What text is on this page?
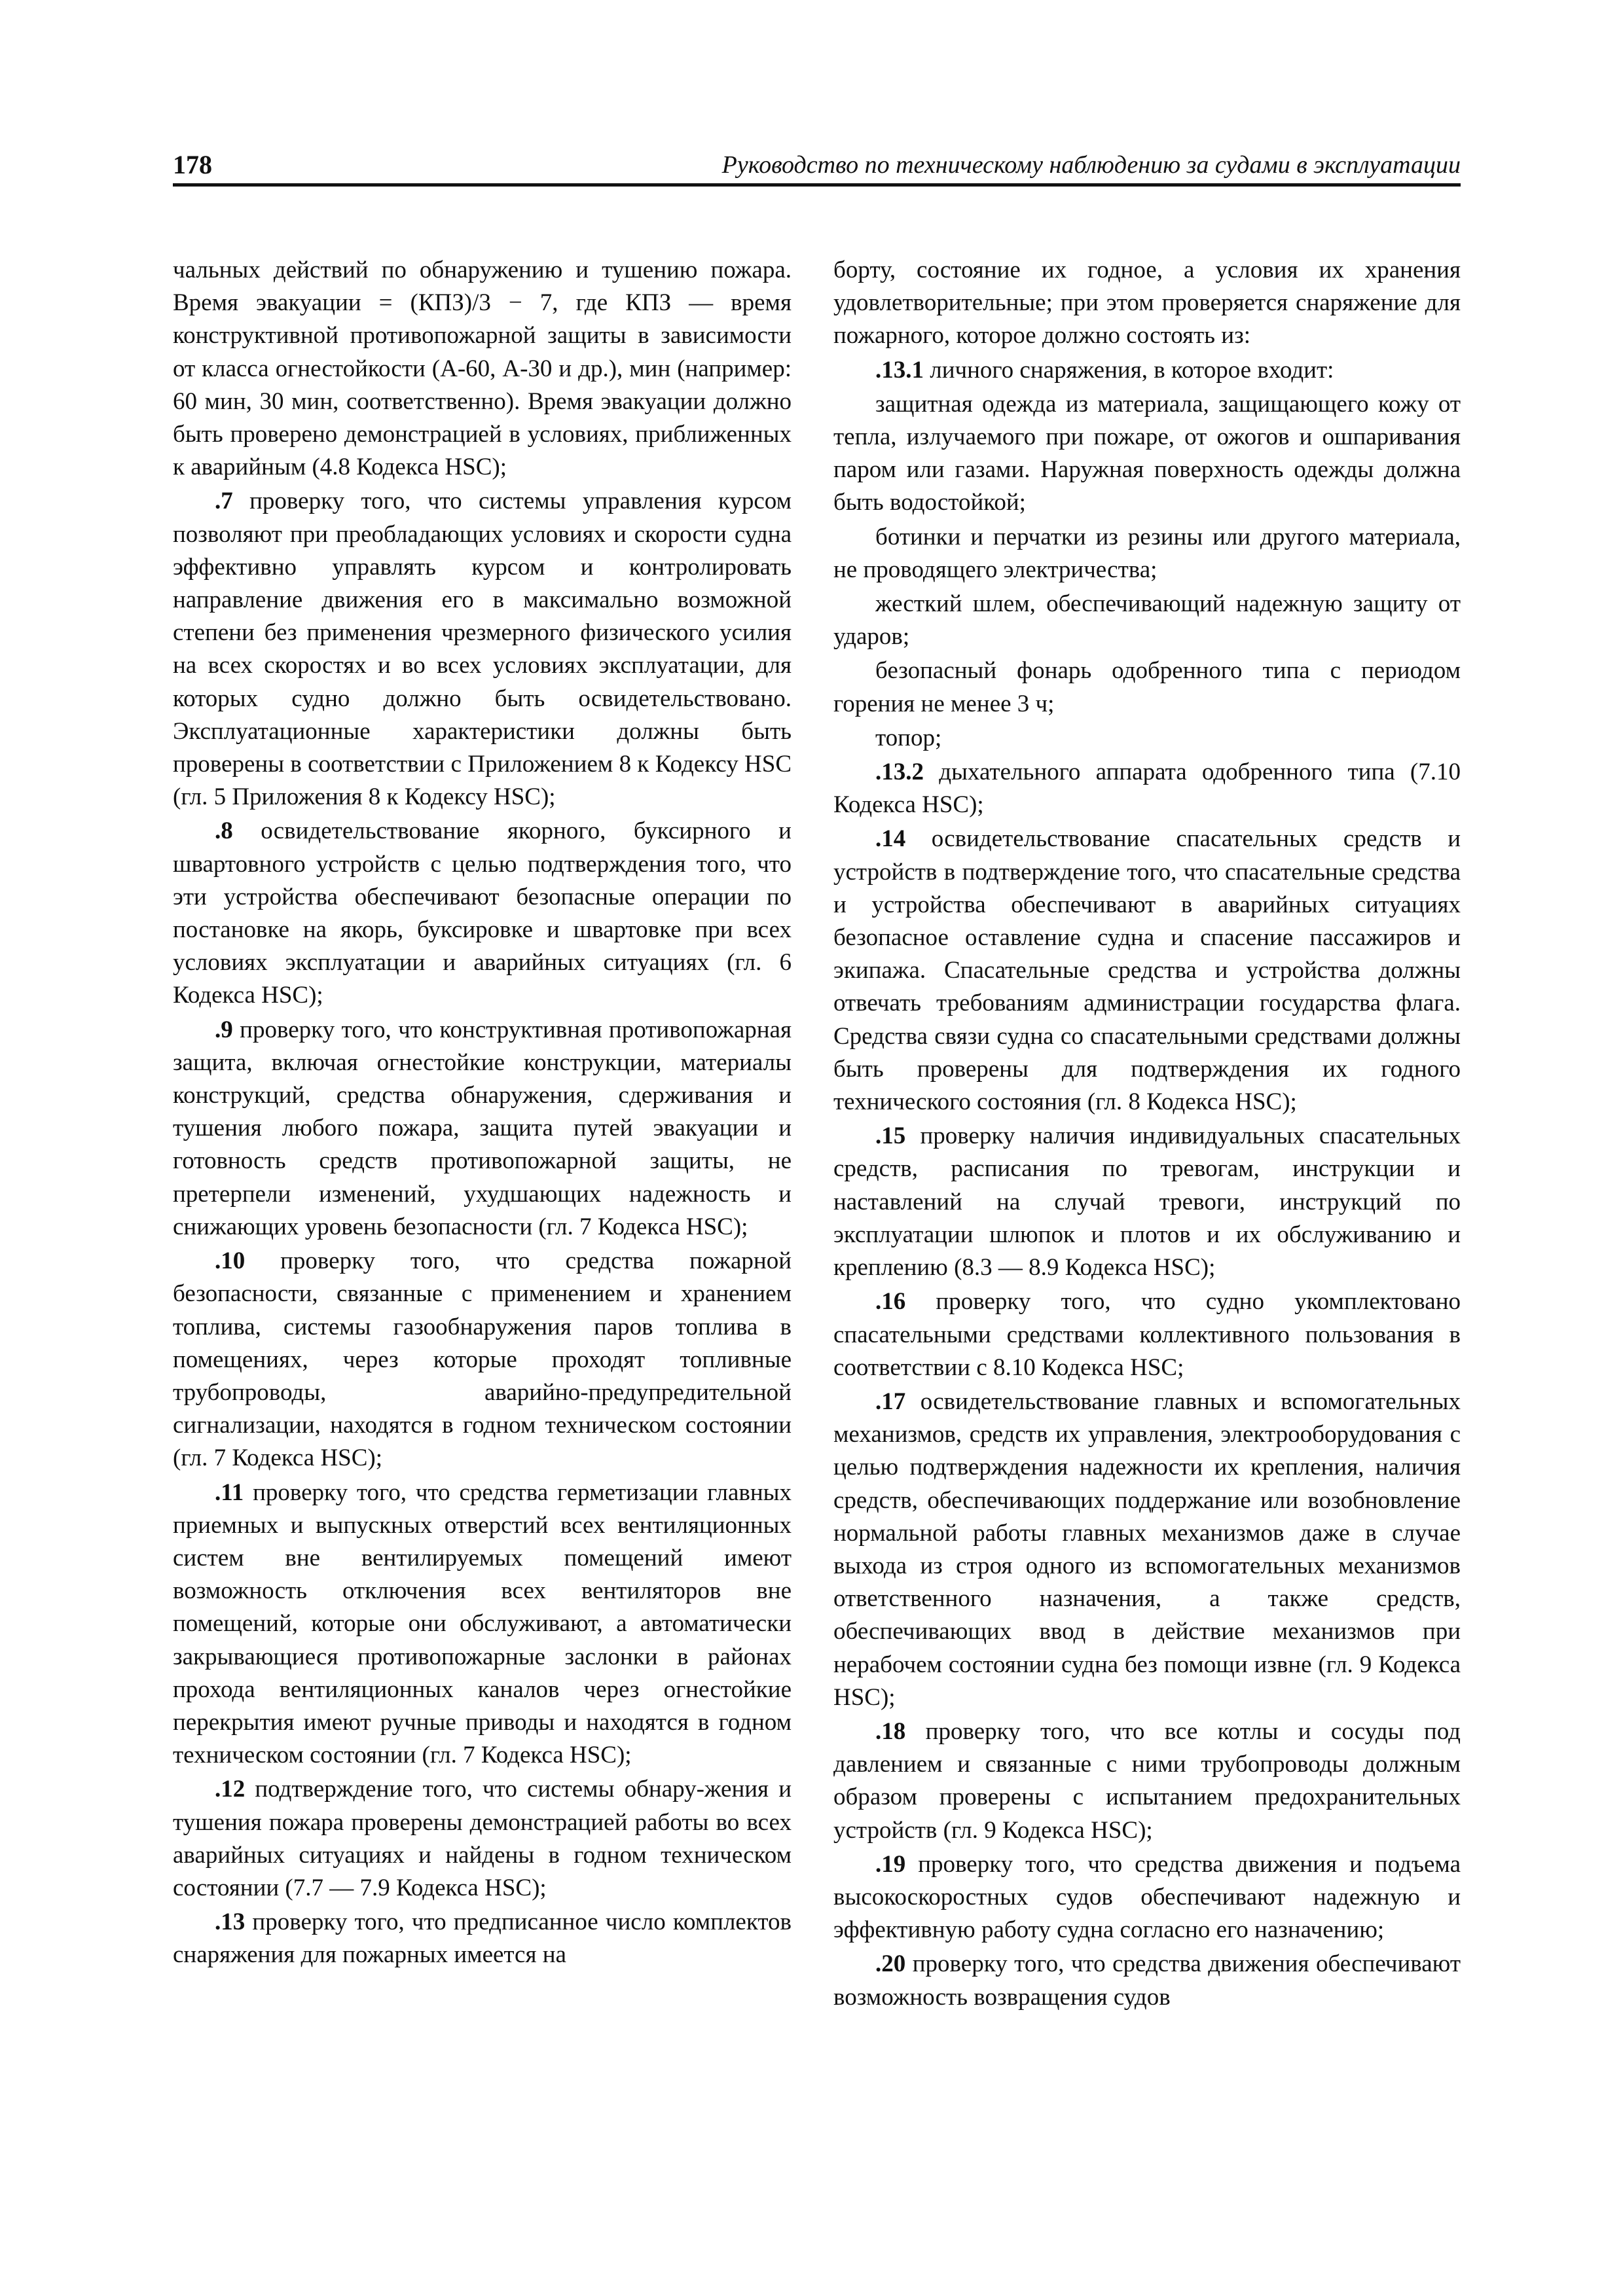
178	Руководство по техническому наблюдению за судами в эксплуатации

чальных действий по обнаружению и тушению пожара. Время эвакуации = (КПЗ)/3 − 7, где КПЗ — время конструктивной противопожарной защиты в зависимости от класса огнестойкости (А-60, А-30 и др.), мин (например: 60 мин, 30 мин, соответственно). Время эвакуации должно быть проверено демонстрацией в условиях, приближенных к аварийным (4.8 Кодекса HSC);

.7 проверку того, что системы управления курсом позволяют при преобладающих условиях и скорости судна эффективно управлять курсом и контролировать направление движения его в максимально возможной степени без применения чрезмерного физического усилия на всех скоростях и во всех условиях эксплуатации, для которых судно должно быть освидетельствовано. Эксплуатационные характеристики должны быть проверены в соответствии с Приложением 8 к Кодексу HSC (гл. 5 Приложения 8 к Кодексу HSC);

.8 освидетельствование якорного, буксирного и швартовного устройств с целью подтверждения того, что эти устройства обеспечивают безопасные операции по постановке на якорь, буксировке и швартовке при всех условиях эксплуатации и аварийных ситуациях (гл. 6 Кодекса HSC);

.9 проверку того, что конструктивная противопожарная защита, включая огнестойкие конструкции, материалы конструкций, средства обнаружения, сдерживания и тушения любого пожара, защита путей эвакуации и готовность средств противопожарной защиты, не претерпели изменений, ухудшающих надежность и снижающих уровень безопасности (гл. 7 Кодекса HSC);

.10 проверку того, что средства пожарной безопасности, связанные с применением и хранением топлива, системы газообнаружения паров топлива в помещениях, через которые проходят топливные трубопроводы, аварийно-предупредительной сигнализации, находятся в годном техническом состоянии (гл. 7 Кодекса HSC);

.11 проверку того, что средства герметизации главных приемных и выпускных отверстий всех вентиляционных систем вне вентилируемых помещений имеют возможность отключения всех вентиляторов вне помещений, которые они обслуживают, а автоматически закрывающиеся противопожарные заслонки в районах прохода вентиляционных каналов через огнестойкие перекрытия имеют ручные приводы и находятся в годном техническом состоянии (гл. 7 Кодекса HSC);

.12 подтверждение того, что системы обнару-жения и тушения пожара проверены демонстрацией работы во всех аварийных ситуациях и найдены в годном техническом состоянии (7.7 — 7.9 Кодекса HSC);

.13 проверку того, что предписанное число комплектов снаряжения для пожарных имеется на

борту, состояние их годное, а условия их хранения удовлетворительные; при этом проверяется снаряжение для пожарного, которое должно состоять из:

.13.1 личного снаряжения, в которое входит:

защитная одежда из материала, защищающего кожу от тепла, излучаемого при пожаре, от ожогов и ошпаривания паром или газами. Наружная поверхность одежды должна быть водостойкой;

ботинки и перчатки из резины или другого материала, не проводящего электричества;

жесткий шлем, обеспечивающий надежную защиту от ударов;

безопасный фонарь одобренного типа с периодом горения не менее 3 ч;

топор;

.13.2 дыхательного аппарата одобренного типа (7.10 Кодекса HSC);

.14 освидетельствование спасательных средств и устройств в подтверждение того, что спасательные средства и устройства обеспечивают в аварийных ситуациях безопасное оставление судна и спасение пассажиров и экипажа. Спасательные средства и устройства должны отвечать требованиям администрации государства флага. Средства связи судна со спасательными средствами должны быть проверены для подтверждения их годного технического состояния (гл. 8 Кодекса HSC);

.15 проверку наличия индивидуальных спасательных средств, расписания по тревогам, инструкции и наставлений на случай тревоги, инструкций по эксплуатации шлюпок и плотов и их обслуживанию и креплению (8.3 — 8.9 Кодекса HSC);

.16 проверку того, что судно укомплектовано спасательными средствами коллективного пользования в соответствии с 8.10 Кодекса HSC;

.17 освидетельствование главных и вспомогательных механизмов, средств их управления, электрооборудования с целью подтверждения надежности их крепления, наличия средств, обеспечивающих поддержание или возобновление нормальной работы главных механизмов даже в случае выхода из строя одного из вспомогательных механизмов ответственного назначения, а также средств, обеспечивающих ввод в действие механизмов при нерабочем состоянии судна без помощи извне (гл. 9 Кодекса HSC);

.18 проверку того, что все котлы и сосуды под давлением и связанные с ними трубопроводы должным образом проверены с испытанием предохранительных устройств (гл. 9 Кодекса HSC);

.19 проверку того, что средства движения и подъема высокоскоростных судов обеспечивают надежную и эффективную работу судна согласно его назначению;

.20 проверку того, что средства движения обеспечивают возможность возвращения судов
